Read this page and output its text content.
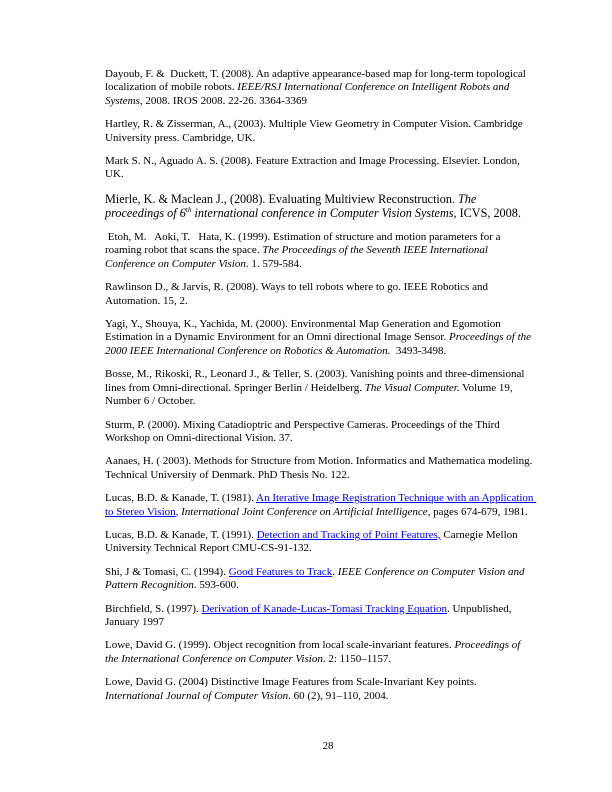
Dayoub, F. &  Duckett, T. (2008). An adaptive appearance-based map for long-term topological localization of mobile robots. IEEE/RSJ International Conference on Intelligent Robots and Systems, 2008. IROS 2008. 22-26. 3364-3369

Hartley, R. & Zisserman, A., (2003). Multiple View Geometry in Computer Vision. Cambridge University press. Cambridge, UK.

Mark S. N., Aguado A. S. (2008). Feature Extraction and Image Processing. Elsevier. London, UK.

Mierle, K. & Maclean J., (2008). Evaluating Multiview Reconstruction. The proceedings of 6th international conference in Computer Vision Systems, ICVS, 2008.

Etoh, M.   Aoki, T.   Hata, K. (1999). Estimation of structure and motion parameters for a roaming robot that scans the space. The Proceedings of the Seventh IEEE International Conference on Computer Vision. 1. 579-584.

Rawlinson D., & Jarvis, R. (2008). Ways to tell robots where to go. IEEE Robotics and Automation. 15, 2.

Yagi, Y., Shouya, K., Yachida, M. (2000). Environmental Map Generation and Egomotion Estimation in a Dynamic Environment for an Omni directional Image Sensor. Proceedings of the 2000 IEEE International Conference on Robotics & Automation.  3493-3498.

Bosse, M., Rikoski, R., Leonard J., & Teller, S. (2003). Vanishing points and three-dimensional lines from Omni-directional. Springer Berlin / Heidelberg. The Visual Computer. Volume 19, Number 6 / October.

Sturm, P. (2000). Mixing Catadioptric and Perspective Cameras. Proceedings of the Third Workshop on Omni-directional Vision. 37.

Aanaes, H. ( 2003). Methods for Structure from Motion. Informatics and Mathematica modeling. Technical University of Denmark. PhD Thesis No. 122.

Lucas, B.D. & Kanade, T. (1981). An Iterative Image Registration Technique with an Application to Stereo Vision, International Joint Conference on Artificial Intelligence, pages 674-679, 1981.

Lucas, B.D. & Kanade, T. (1991). Detection and Tracking of Point Features, Carnegie Mellon University Technical Report CMU-CS-91-132.

Shi, J & Tomasi, C. (1994). Good Features to Track. IEEE Conference on Computer Vision and Pattern Recognition. 593-600.

Birchfield, S. (1997). Derivation of Kanade-Lucas-Tomasi Tracking Equation. Unpublished, January 1997

Lowe, David G. (1999). Object recognition from local scale-invariant features. Proceedings of the International Conference on Computer Vision. 2: 1150–1157.

Lowe, David G. (2004) Distinctive Image Features from Scale-Invariant Key points. International Journal of Computer Vision. 60 (2), 91–110, 2004.

28
